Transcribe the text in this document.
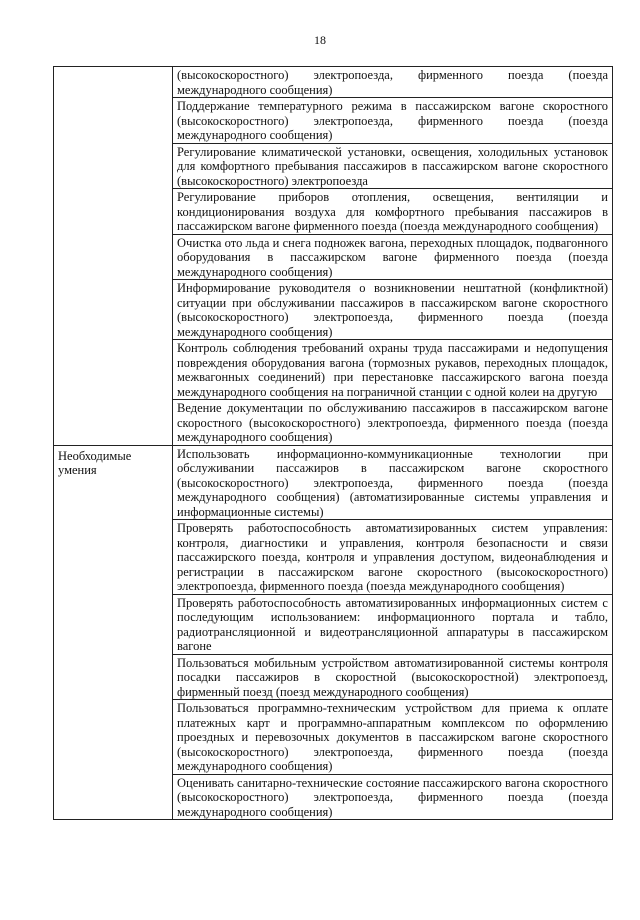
18

	(высокоскоростного) электропоезда, фирменного поезда (поезда международного сообщения)

	Поддержание температурного режима в пассажирском вагоне скоростного (высокоскоростного) электропоезда, фирменного поезда (поезда международного сообщения)

	Регулирование климатической установки, освещения, холодильных установок для комфортного пребывания пассажиров в пассажирском вагоне скоростного (высокоскоростного) электропоезда

	Регулирование приборов отопления, освещения, вентиляции и кондиционирования воздуха для комфортного пребывания пассажиров в пассажирском вагоне фирменного поезда (поезда международного сообщения)

	Очистка ото льда и снега подножек вагона, переходных площадок, подвагонного оборудования в пассажирском вагоне фирменного поезда (поезда международного сообщения)

	Информирование руководителя о возникновении нештатной (конфликтной) ситуации при обслуживании пассажиров в пассажирском вагоне скоростного (высокоскоростного) электропоезда, фирменного поезда (поезда международного сообщения)

	Контроль соблюдения требований охраны труда пассажирами и недопущения повреждения оборудования вагона (тормозных рукавов, переходных площадок, межвагонных соединений) при перестановке пассажирского вагона поезда международного сообщения на пограничной станции с одной колеи на другую

	Ведение документации по обслуживанию пассажиров в пассажирском вагоне скоростного (высокоскоростного) электропоезда, фирменного поезда (поезда международного сообщения)

Необходимые умения	Использовать информационно-коммуникационные технологии при обслуживании пассажиров в пассажирском вагоне скоростного (высокоскоростного) электропоезда, фирменного поезда (поезда международного сообщения) (автоматизированные системы управления и информационные системы)

	Проверять работоспособность автоматизированных систем управления: контроля, диагностики и управления, контроля безопасности и связи пассажирского поезда, контроля и управления доступом, видеонаблюдения и регистрации в пассажирском вагоне скоростного (высокоскоростного) электропоезда, фирменного поезда (поезда международного сообщения)

	Проверять работоспособность автоматизированных информационных систем с последующим использованием: информационного портала и табло, радиотрансляционной и видеотрансляционной аппаратуры в пассажирском вагоне

	Пользоваться мобильным устройством автоматизированной системы контроля посадки пассажиров в скоростной (высокоскоростной) электропоезд, фирменный поезд (поезд международного сообщения)

	Пользоваться программно-техническим устройством для приема к оплате платежных карт и программно-аппаратным комплексом по оформлению проездных и перевозочных документов в пассажирском вагоне скоростного (высокоскоростного) электропоезда, фирменного поезда (поезда международного сообщения)

	Оценивать санитарно-технические состояние пассажирского вагона скоростного (высокоскоростного) электропоезда, фирменного поезда (поезда международного сообщения)
